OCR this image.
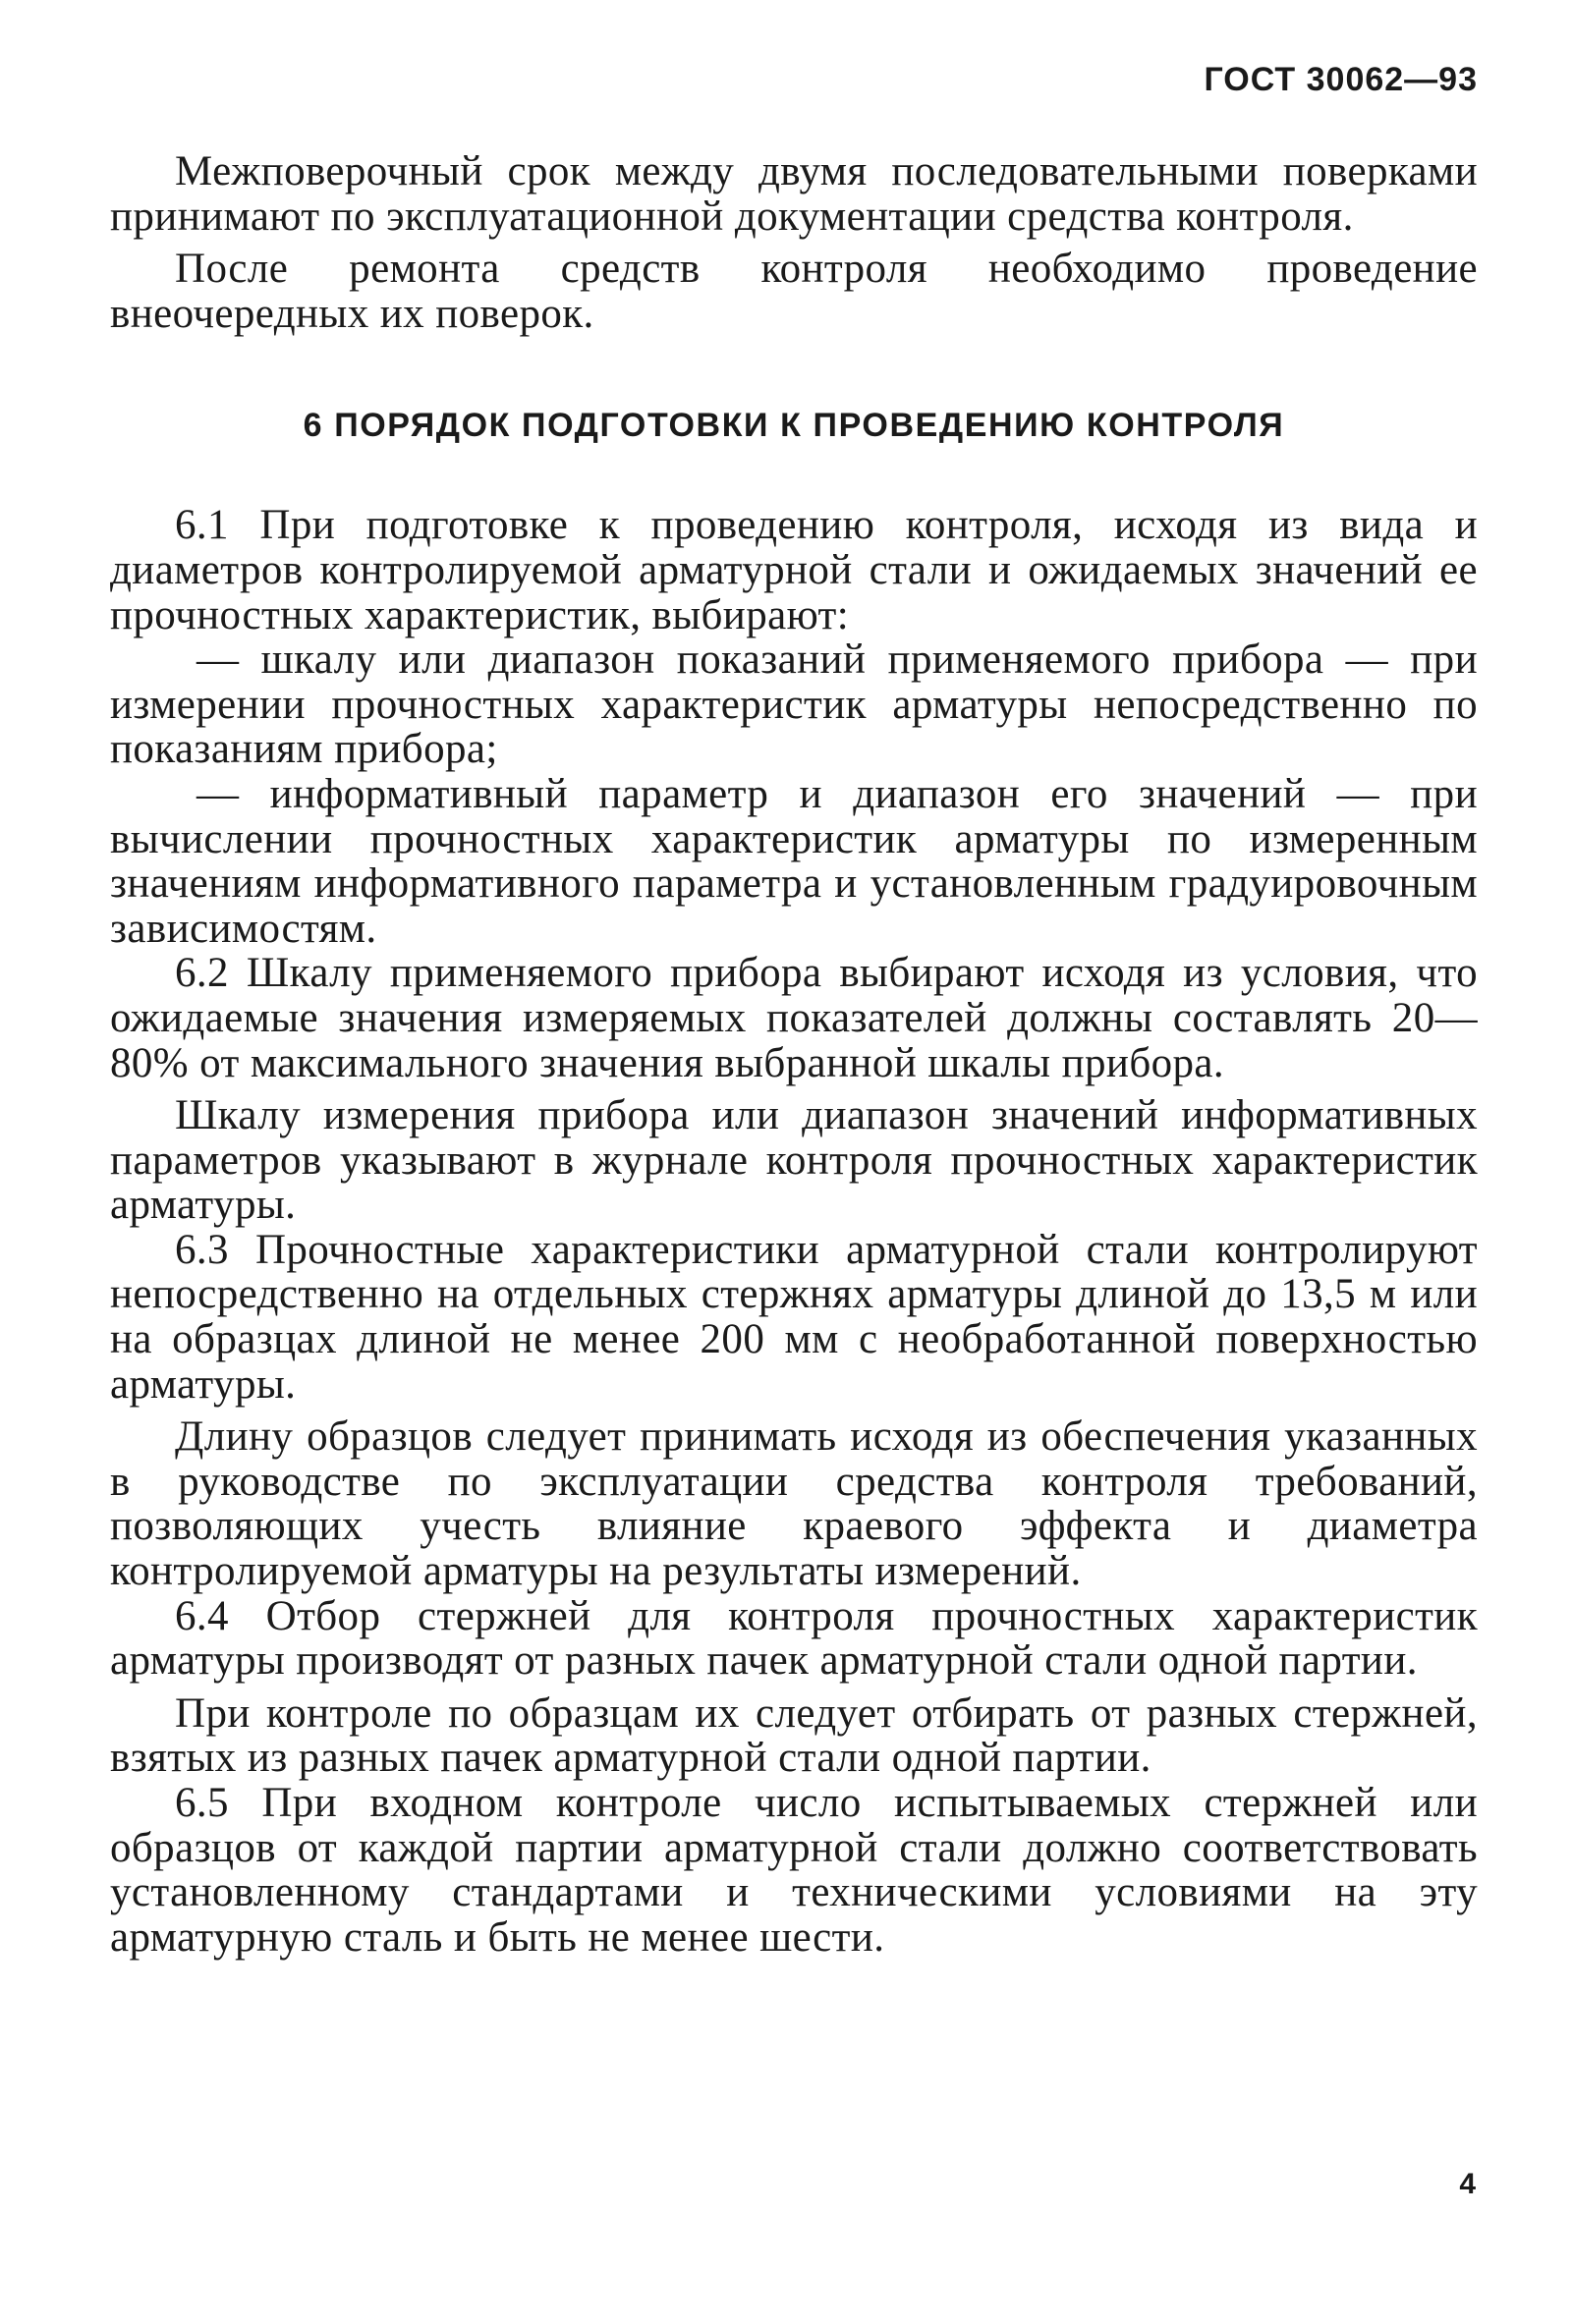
ГОСТ 30062—93

Межповерочный срок между двумя последовательными поверками принимают по эксплуатационной документации средства контроля.

После ремонта средств контроля необходимо проведение внеочередных их поверок.

6 ПОРЯДОК ПОДГОТОВКИ К ПРОВЕДЕНИЮ КОНТРОЛЯ

6.1 При подготовке к проведению контроля, исходя из вида и диаметров контролируемой арматурной стали и ожидаемых значений ее прочностных характеристик, выбирают:

— шкалу или диапазон показаний применяемого прибора — при измерении прочностных характеристик арматуры непосредственно по показаниям прибора;

— информативный параметр и диапазон его значений — при вычислении прочностных характеристик арматуры по измеренным значениям информативного параметра и установленным градуировочным зависимостям.

6.2 Шкалу применяемого прибора выбирают исходя из условия, что ожидаемые значения измеряемых показателей должны составлять 20—80% от максимального значения выбранной шкалы прибора.

Шкалу измерения прибора или диапазон значений информативных параметров указывают в журнале контроля прочностных характеристик арматуры.

6.3 Прочностные характеристики арматурной стали контролируют непосредственно на отдельных стержнях арматуры длиной до 13,5 м или на образцах длиной не менее 200 мм с необработанной поверхностью арматуры.

Длину образцов следует принимать исходя из обеспечения указанных в руководстве по эксплуатации средства контроля требований, позволяющих учесть влияние краевого эффекта и диаметра контролируемой арматуры на результаты измерений.

6.4 Отбор стержней для контроля прочностных характеристик арматуры производят от разных пачек арматурной стали одной партии.

При контроле по образцам их следует отбирать от разных стержней, взятых из разных пачек арматурной стали одной партии.

6.5 При входном контроле число испытываемых стержней или образцов от каждой партии арматурной стали должно соответствовать установленному стандартами и техническими условиями на эту арматурную сталь и быть не менее шести.

4
